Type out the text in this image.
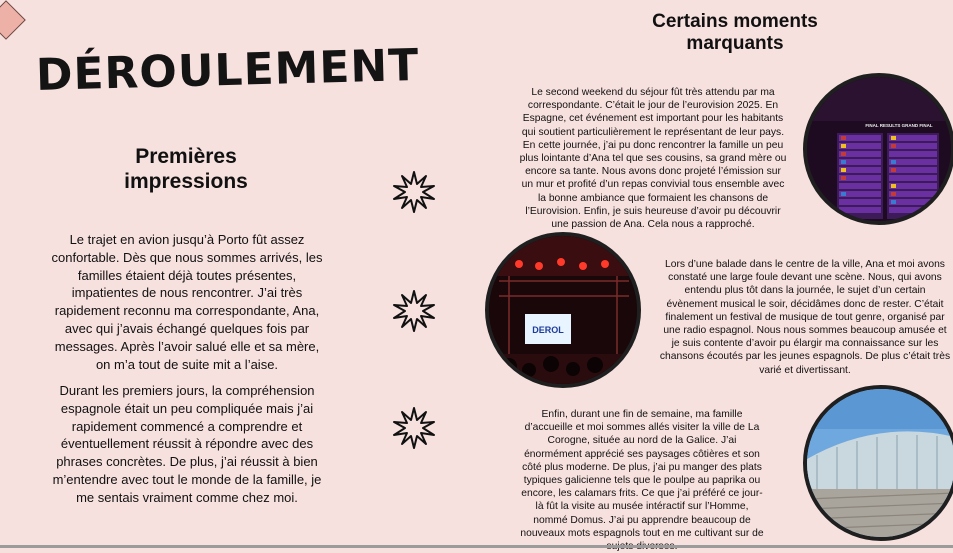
DÉROULEMENT
Premières impressions
Le trajet en avion jusqu’à Porto fût assez confortable. Dès que nous sommes arrivés, les familles étaient déjà toutes présentes, impatientes de nous rencontrer. J’ai très rapidement reconnu ma correspondante, Ana, avec qui j’avais échangé quelques fois par messages. Après l’avoir salué elle et sa mère, on m’a tout de suite mit a l’aise.
Durant les premiers jours, la compréhension espagnole était un peu compliquée mais j’ai rapidement commencé a comprendre et éventuellement réussit à répondre avec des phrases concrètes. De plus, j’ai réussit à bien m’entendre avec tout le monde de la famille, je me sentais vraiment comme chez moi.
Certains moments marquants
Le second weekend du séjour fût très attendu par ma correspondante. C’était le jour de l’eurovision 2025. En Espagne, cet événement est important pour les habitants qui soutient particulièrement le représentant de leur pays. En cette journée, j’ai pu donc rencontrer la famille un peu plus lointante d’Ana tel que ses cousins, sa grand mère ou encore sa tante. Nous avons donc projeté l’émission sur un mur et profité d’un repas convivial tous ensemble avec la bonne ambiance que formaient les chansons de l’Eurovision. Enfin, je suis heureuse d’avoir pu découvrir une passion de Ana. Cela nous a rapproché.
Lors d’une balade dans le centre de la ville, Ana et moi avons constaté une large foule devant une scène. Nous, qui avons entendu plus tôt dans la journée, le sujet d’un certain évènement musical le soir, décidâmes donc de rester. C’était finalement un festival de musique de tout genre, organisé par une radio espagnol. Nous nous sommes beaucoup amusée et je suis contente d’avoir pu élargir ma connaissance sur les chansons écoutés par les jeunes espagnols. De plus c’était très varié et divertissant.
Enfin, durant une fin de semaine, ma famille d’accueille et moi sommes allés visiter la ville de La Corogne, située au nord de la Galice. J’ai énormément apprécié ses paysages côtières et son côté plus moderne. De plus, j’ai pu manger des plats typiques galicienne tels que le poulpe au paprika ou encore, les calamars frits. Ce que j’ai préféré ce jour-là fût la visite au musée intéractif sur l’Homme, nommé Domus. J’ai pu apprendre beaucoup de nouveaux mots espagnols tout en me cultivant sur de
FINAL RESULTS GRAND FINAL
DEROL
